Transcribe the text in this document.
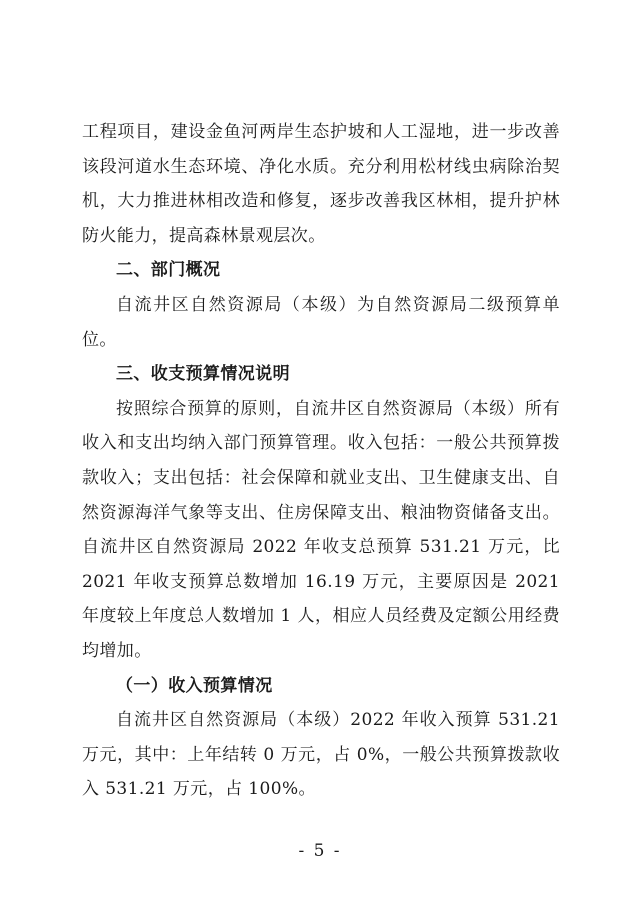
工程项目，建设金鱼河两岸生态护坡和人工湿地，进一步改善该段河道水生态环境、净化水质。充分利用松材线虫病除治契机，大力推进林相改造和修复，逐步改善我区林相，提升护林防火能力，提高森林景观层次。

二、部门概况

自流井区自然资源局（本级）为自然资源局二级预算单位。

三、收支预算情况说明

按照综合预算的原则，自流井区自然资源局（本级）所有收入和支出均纳入部门预算管理。收入包括：一般公共预算拨款收入；支出包括：社会保障和就业支出、卫生健康支出、自然资源海洋气象等支出、住房保障支出、粮油物资储备支出。自流井区自然资源局 2022 年收支总预算 531.21 万元，比 2021 年收支预算总数增加 16.19 万元，主要原因是 2021 年度较上年度总人数增加 1 人，相应人员经费及定额公用经费均增加。

（一）收入预算情况

自流井区自然资源局（本级）2022 年收入预算 531.21 万元，其中：上年结转 0 万元，占 0%，一般公共预算拨款收入 531.21 万元，占 100%。

- 5 -
